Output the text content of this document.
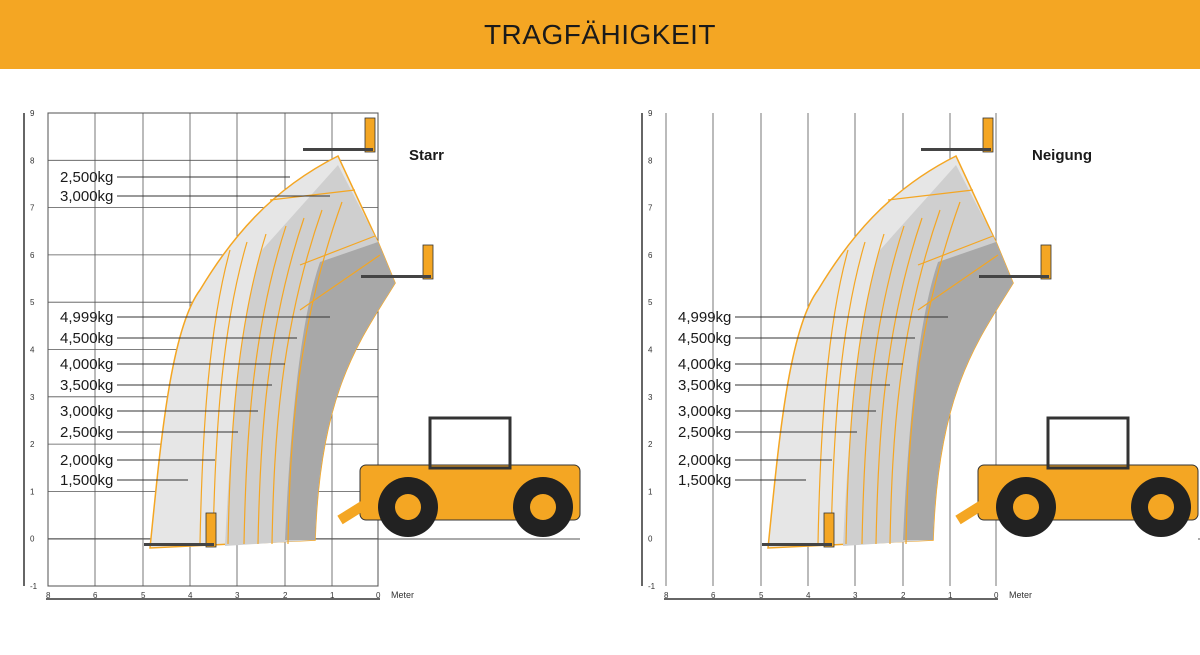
TRAGFÄHIGKEIT
9
8
7
6
5
4
3
2
1
0
-1
8	6	5	4	3	2	1	0 Meter
Starr
2,500kg
3,000kg
4,999kg
4,500kg
4,000kg
3,500kg
3,000kg
2,500kg
2,000kg
1,500kg
9
8
7
6
5
4
3
2
1
0
-1
8	6	5	4	3	2	1	0 Meter
Neigung
4,999kg
4,500kg
4,000kg
3,500kg
3,000kg
2,500kg
2,000kg
1,500kg
